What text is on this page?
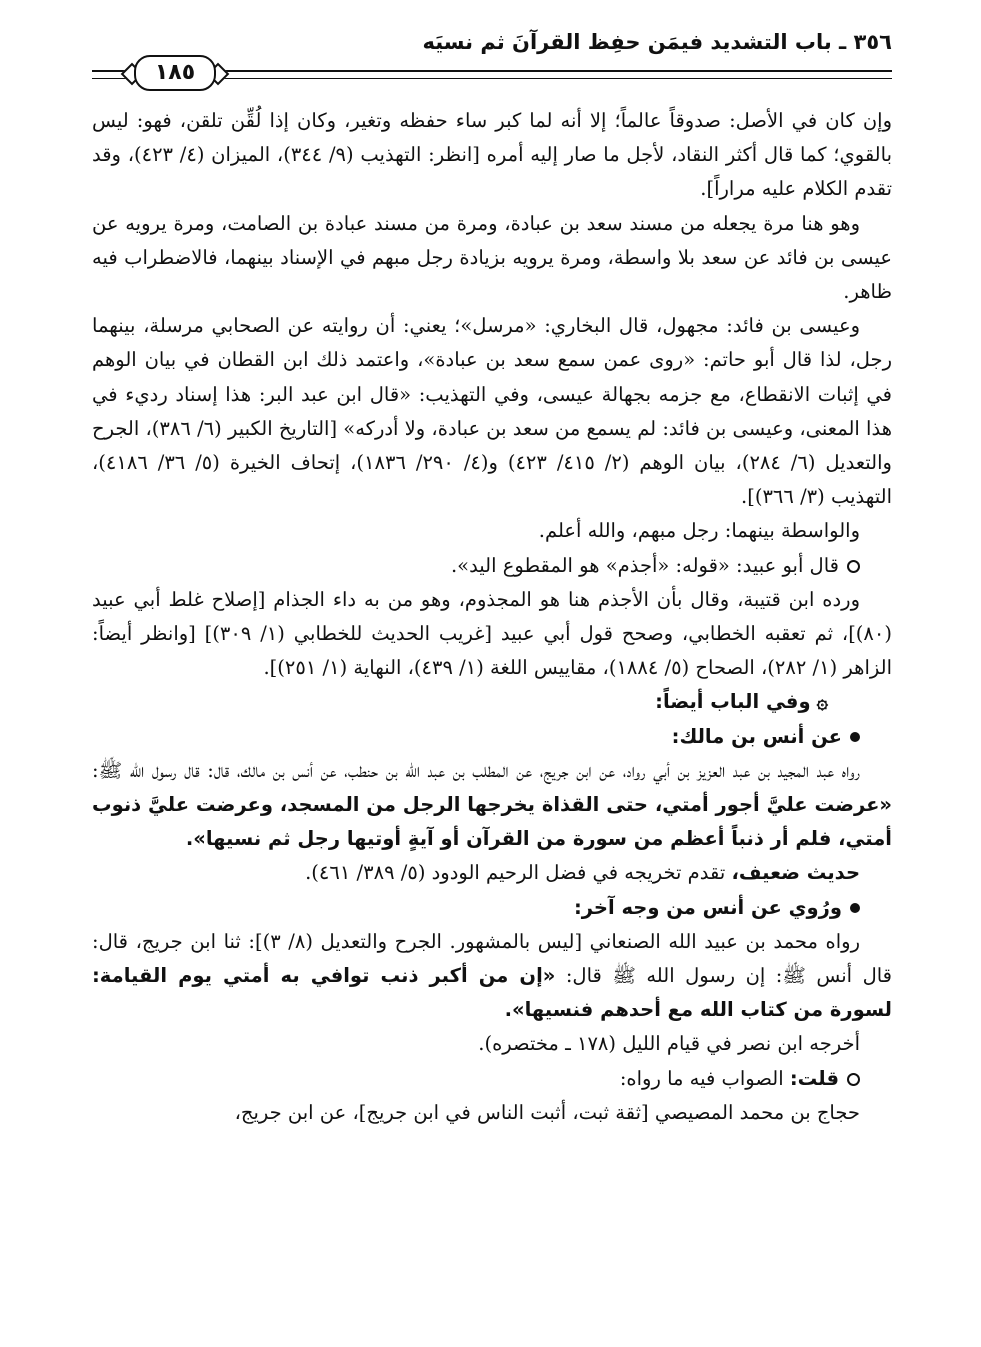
٣٥٦ ـ باب التشديد فيمَن حفِظ القرآنَ ثم نسيَه
١٨٥

وإن كان في الأصل: صدوقاً عالماً؛ إلا أنه لما كبر ساء حفظه وتغير، وكان إذا لُقِّن تلقن، فهو: ليس بالقوي؛ كما قال أكثر النقاد، لأجل ما صار إليه أمره [انظر: التهذيب (٩/ ٣٤٤)، الميزان (٤/ ٤٢٣)، وقد تقدم الكلام عليه مراراً].

وهو هنا مرة يجعله من مسند سعد بن عبادة، ومرة من مسند عبادة بن الصامت، ومرة يرويه عن عيسى بن فائد عن سعد بلا واسطة، ومرة يرويه بزيادة رجل مبهم في الإسناد بينهما، فالاضطراب فيه ظاهر.

وعيسى بن فائد: مجهول، قال البخاري: «مرسل»؛ يعني: أن روايته عن الصحابي مرسلة، بينهما رجل، لذا قال أبو حاتم: «روى عمن سمع سعد بن عبادة»، واعتمد ذلك ابن القطان في بيان الوهم في إثبات الانقطاع، مع جزمه بجهالة عيسى، وفي التهذيب: «قال ابن عبد البر: هذا إسناد رديء في هذا المعنى، وعيسى بن فائد: لم يسمع من سعد بن عبادة، ولا أدركه» [التاريخ الكبير (٦/ ٣٨٦)، الجرح والتعديل (٦/ ٢٨٤)، بيان الوهم (٢/ ٤١٥/ ٤٢٣) و(٤/ ٢٩٠/ ١٨٣٦)، إتحاف الخيرة (٥/ ٣٦/ ٤١٨٦)، التهذيب (٣/ ٣٦٦)].

والواسطة بينهما: رجل مبهم، والله أعلم.

قال أبو عبيد: «قوله: «أجذم» هو المقطوع اليد».

ورده ابن قتيبة، وقال بأن الأجذم هنا هو المجذوم، وهو من به داء الجذام [إصلاح غلط أبي عبيد (٨٠)]، ثم تعقبه الخطابي، وصحح قول أبي عبيد [غريب الحديث للخطابي (١/ ٣٠٩)] [وانظر أيضاً: الزاهر (١/ ٢٨٢)، الصحاح (٥/ ١٨٨٤)، مقاييس اللغة (١/ ٤٣٩)، النهاية (١/ ٢٥١)].

۞وفي الباب أيضاً:

عن أنس بن مالك:

رواه عبد المجيد بن عبد العزيز بن أبي رواد، عن ابن جريج، عن المطلب بن عبد الله بن حنطب، عن أنس بن مالك، قال: قال رسول الله ﷺ: «عرضت عليَّ أجور أمتي، حتى القذاة يخرجها الرجل من المسجد، وعرضت عليَّ ذنوب أمتي، فلم أر ذنباً أعظم من سورة من القرآن أو آيةٍ أوتيها رجل ثم نسيها».

حديث ضعيف، تقدم تخريجه في فضل الرحيم الودود (٥/ ٣٨٩/ ٤٦١).

ورُوي عن أنس من وجه آخر:

رواه محمد بن عبيد الله الصنعاني [ليس بالمشهور. الجرح والتعديل (٨/ ٣)]: ثنا ابن جريج، قال: قال أنس ﷺ: إن رسول الله ﷺ قال: «إن من أكبر ذنب توافي به أمتي يوم القيامة: لسورة من كتاب الله مع أحدهم فنسيها».

أخرجه ابن نصر في قيام الليل (١٧٨ ـ مختصره).

قلت: الصواب فيه ما رواه:

حجاج بن محمد المصيصي [ثقة ثبت، أثبت الناس في ابن جريج]، عن ابن جريج،
